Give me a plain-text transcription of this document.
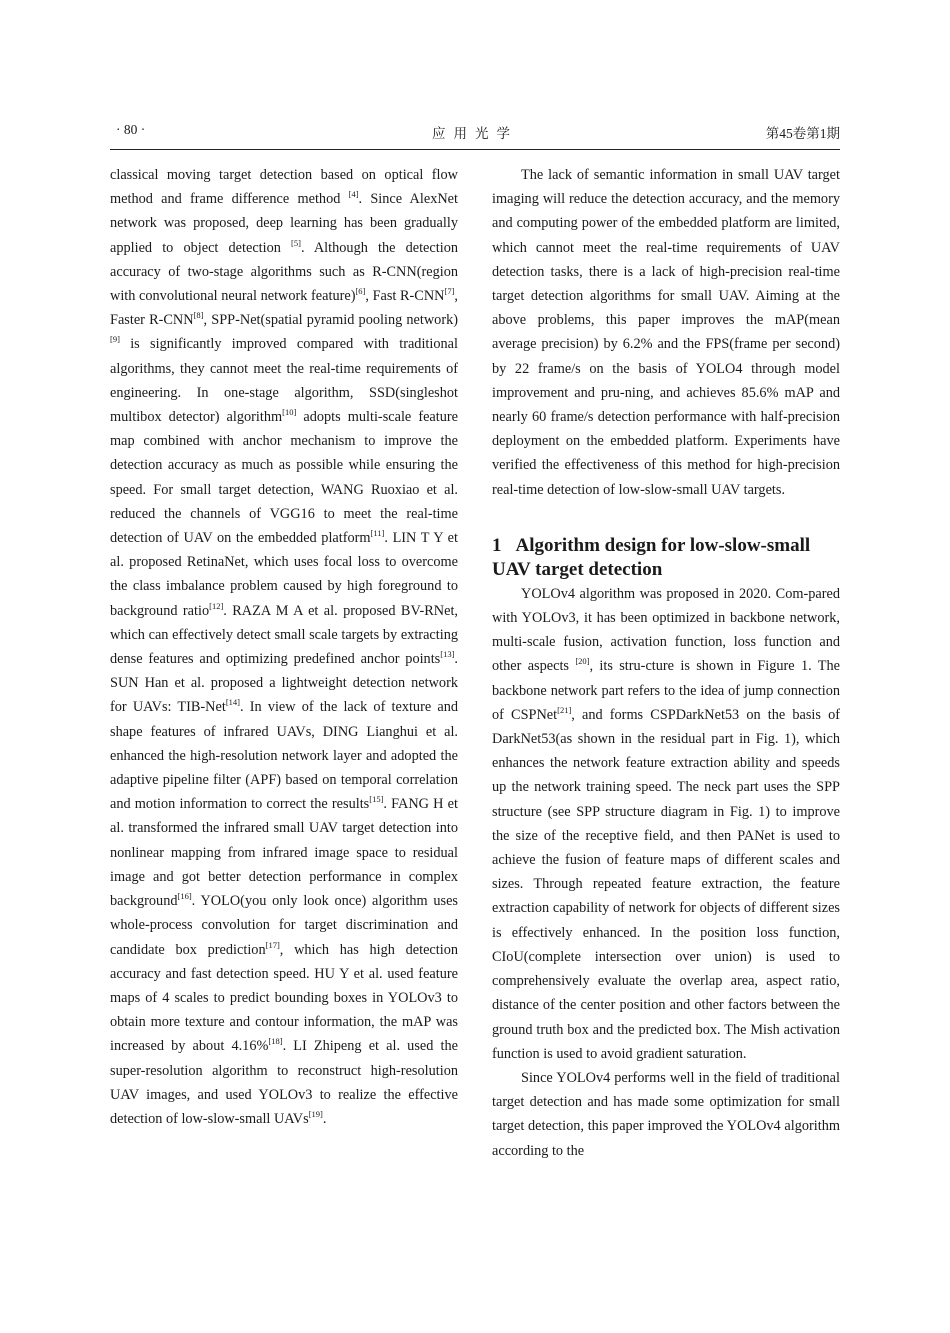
· 80 ·	应用光学	第45卷第1期

classical moving target detection based on optical flow method and frame difference method [4]. Since AlexNet network was proposed, deep learning has been gradually applied to object detection [5]. Although the detection accuracy of two-stage algorithms such as R-CNN(region with convolutional neural network feature)[6], Fast R-CNN[7], Faster R-CNN[8], SPP-Net(spatial pyramid pooling network)[9] is significantly improved compared with traditional algorithms, they cannot meet the real-time requirements of engineering. In one-stage algorithm, SSD(singleshot multibox detector) algorithm[10] adopts multi-scale feature map combined with anchor mechanism to improve the detection accuracy as much as possible while ensuring the speed. For small target detection, WANG Ruoxiao et al. reduced the channels of VGG16 to meet the real-time detection of UAV on the embedded platform[11]. LIN T Y et al. proposed RetinaNet, which uses focal loss to overcome the class imbalance problem caused by high foreground to background ratio[12]. RAZA M A et al. proposed BV-RNet, which can effectively detect small scale targets by extracting dense features and optimizing predefined anchor points[13]. SUN Han et al. proposed a lightweight detection network for UAVs: TIB-Net[14]. In view of the lack of texture and shape features of infrared UAVs, DING Lianghui et al. enhanced the high-resolution network layer and adopted the adaptive pipeline filter (APF) based on temporal correlation and motion information to correct the results[15]. FANG H et al. transformed the infrared small UAV target detection into nonlinear mapping from infrared image space to residual image and got better detection performance in complex background[16]. YOLO(you only look once) algorithm uses whole-process convolution for target discrimination and candidate box prediction[17], which has high detection accuracy and fast detection speed. HU Y et al. used feature maps of 4 scales to predict bounding boxes in YOLOv3 to obtain more texture and contour information, the mAP was increased by about 4.16%[18]. LI Zhipeng et al. used the super-resolution algorithm to reconstruct high-resolution UAV images, and used YOLOv3 to realize the effective detection of low-slow-small UAVs[19].

The lack of semantic information in small UAV target imaging will reduce the detection accuracy, and the memory and computing power of the embedded platform are limited, which cannot meet the real-time requirements of UAV detection tasks, there is a lack of high-precision real-time target detection algorithms for small UAV. Aiming at the above problems, this paper improves the mAP(mean average precision) by 6.2% and the FPS(frame per second) by 22 frame/s on the basis of YOLO4 through model improvement and pru-ning, and achieves 85.6% mAP and nearly 60 frame/s detection performance with half-precision deployment on the embedded platform. Experiments have verified the effectiveness of this method for high-precision real-time detection of low-slow-small UAV targets.

1 Algorithm design for low-slow-small UAV target detection

YOLOv4 algorithm was proposed in 2020. Com-pared with YOLOv3, it has been optimized in backbone network, multi-scale fusion, activation function, loss function and other aspects [20], its stru-cture is shown in Figure 1. The backbone network part refers to the idea of jump connection of CSPNet[21], and forms CSPDarkNet53 on the basis of DarkNet53(as shown in the residual part in Fig. 1), which enhances the network feature extraction ability and speeds up the network training speed. The neck part uses the SPP structure (see SPP structure diagram in Fig. 1) to improve the size of the receptive field, and then PANet is used to achieve the fusion of feature maps of different scales and sizes. Through repeated feature extraction, the feature extraction capability of network for objects of different sizes is effectively enhanced. In the position loss function, CIoU(complete intersection over union) is used to comprehensively evaluate the overlap area, aspect ratio, distance of the center position and other factors between the ground truth box and the predicted box. The Mish activation function is used to avoid gradient saturation.

Since YOLOv4 performs well in the field of traditional target detection and has made some optimization for small target detection, this paper improved the YOLOv4 algorithm according to the
